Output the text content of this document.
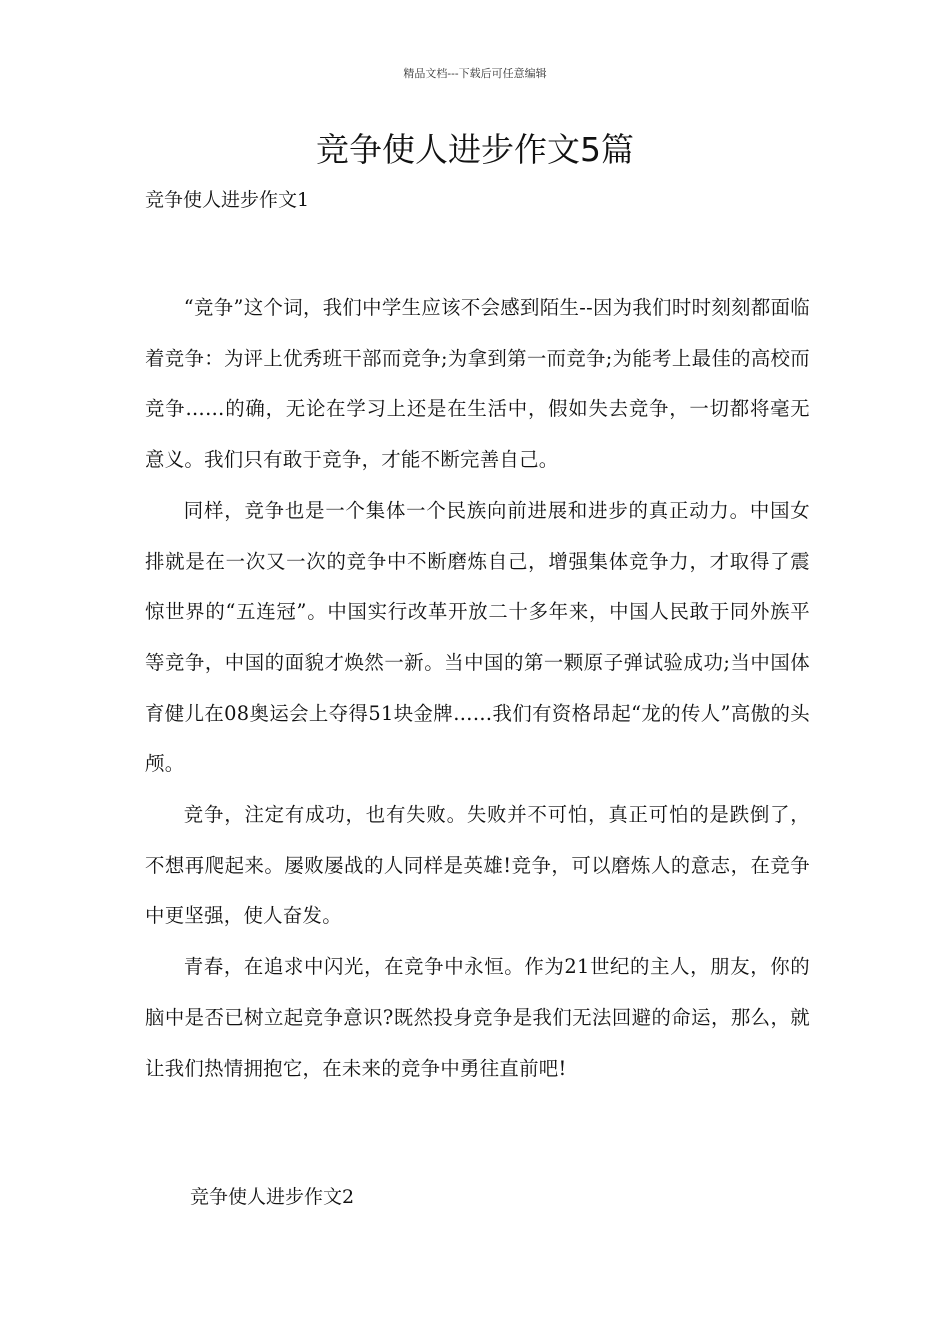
精品文档---下载后可任意编辑
竞争使人进步作文5篇
竞争使人进步作文1

“竞争”这个词，我们中学生应该不会感到陌生--因为我们时时刻刻都面临着竞争：为评上优秀班干部而竞争;为拿到第一而竞争;为能考上最佳的高校而竞争……的确，无论在学习上还是在生活中，假如失去竞争，一切都将毫无意义。我们只有敢于竞争，才能不断完善自己。

同样，竞争也是一个集体一个民族向前进展和进步的真正动力。中国女排就是在一次又一次的竞争中不断磨炼自己，增强集体竞争力，才取得了震惊世界的“五连冠”。中国实行改革开放二十多年来，中国人民敢于同外族平等竞争，中国的面貌才焕然一新。当中国的第一颗原子弹试验成功;当中国体育健儿在08奥运会上夺得51块金牌……我们有资格昂起“龙的传人”高傲的头颅。

竞争，注定有成功，也有失败。失败并不可怕，真正可怕的是跌倒了，不想再爬起来。屡败屡战的人同样是英雄!竞争，可以磨炼人的意志，在竞争中更坚强，使人奋发。

青春，在追求中闪光，在竞争中永恒。作为21世纪的主人，朋友，你的脑中是否已树立起竞争意识?既然投身竞争是我们无法回避的命运，那么，就让我们热情拥抱它，在未来的竞争中勇往直前吧!

竞争使人进步作文2
